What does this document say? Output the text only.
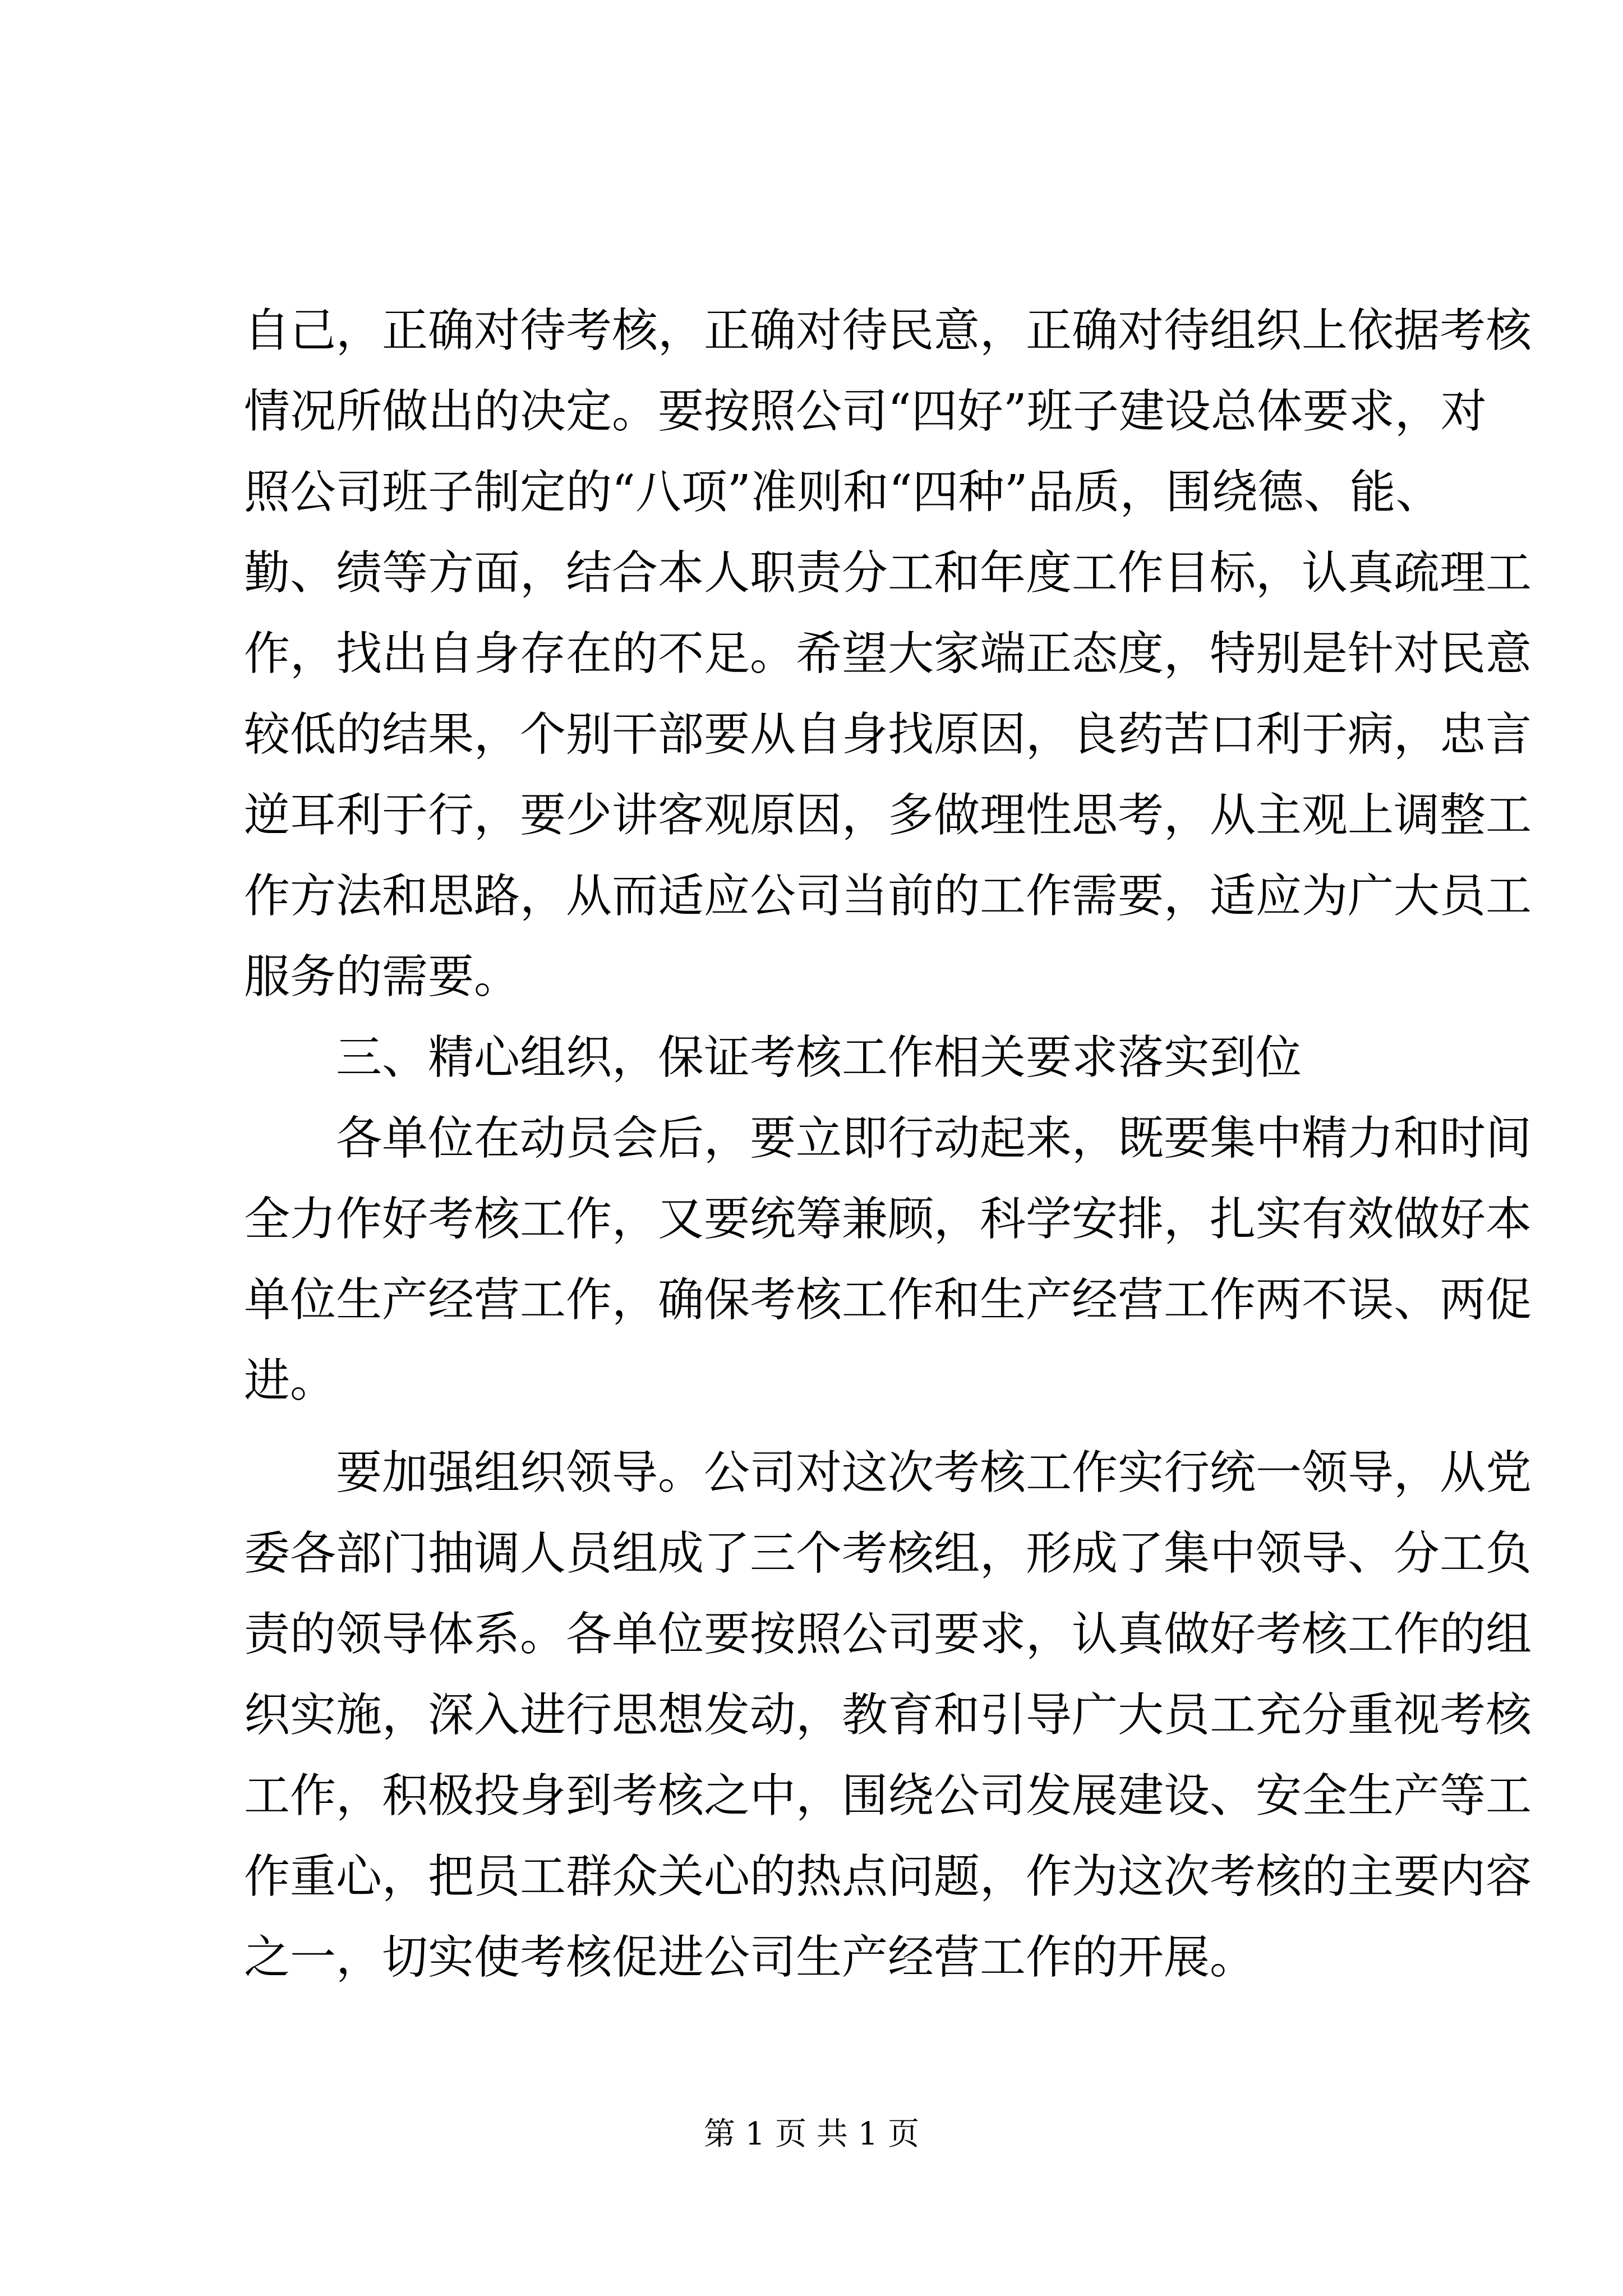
自己，正确对待考核，正确对待民意，正确对待组织上依据考核
情况所做出的决定。要按照公司“四好”班子建设总体要求，对
照公司班子制定的“八项”准则和“四种”品质，围绕德、能、
勤、绩等方面，结合本人职责分工和年度工作目标，认真疏理工
作，找出自身存在的不足。希望大家端正态度，特别是针对民意
较低的结果，个别干部要从自身找原因，良药苦口利于病，忠言
逆耳利于行，要少讲客观原因，多做理性思考，从主观上调整工
作方法和思路，从而适应公司当前的工作需要，适应为广大员工
服务的需要。

三、精心组织，保证考核工作相关要求落实到位

各单位在动员会后，要立即行动起来，既要集中精力和时间
全力作好考核工作，又要统筹兼顾，科学安排，扎实有效做好本
单位生产经营工作，确保考核工作和生产经营工作两不误、两促
进。

要加强组织领导。公司对这次考核工作实行统一领导，从党
委各部门抽调人员组成了三个考核组，形成了集中领导、分工负
责的领导体系。各单位要按照公司要求，认真做好考核工作的组
织实施，深入进行思想发动，教育和引导广大员工充分重视考核
工作，积极投身到考核之中，围绕公司发展建设、安全生产等工
作重心，把员工群众关心的热点问题，作为这次考核的主要内容
之一，切实使考核促进公司生产经营工作的开展。

第 1 页 共 1 页
